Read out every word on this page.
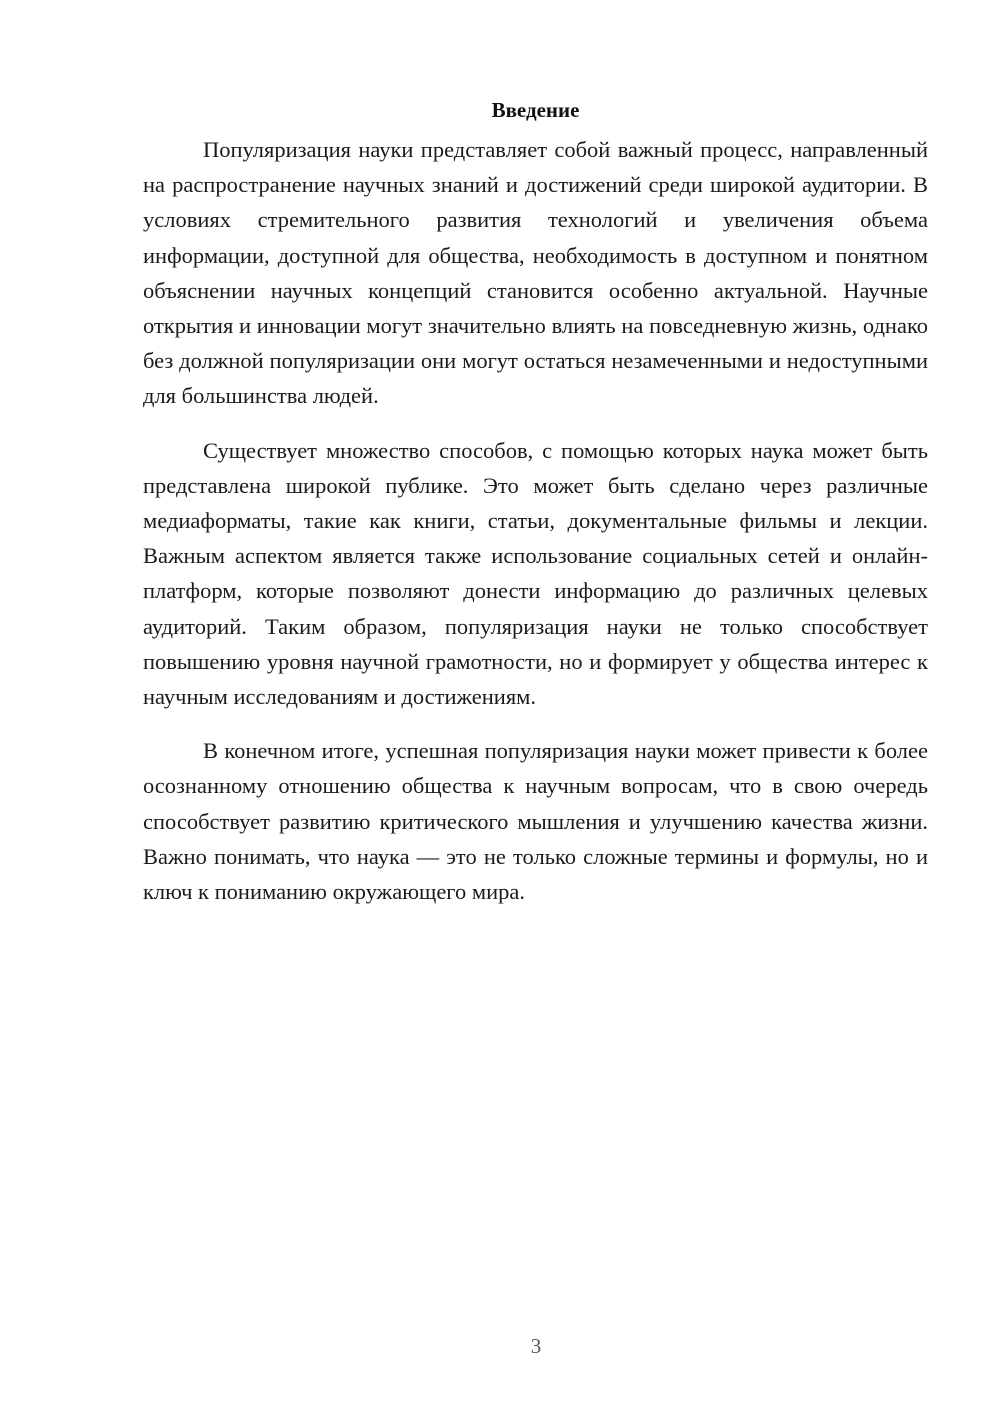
Введение

Популяризация науки представляет собой важный процесс, направленный на распространение научных знаний и достижений среди широкой аудитории. В условиях стремительного развития технологий и увеличения объема информации, доступной для общества, необходимость в доступном и понятном объяснении научных концепций становится особенно актуальной. Научные открытия и инновации могут значительно влиять на повседневную жизнь, однако без должной популяризации они могут остаться незамеченными и недоступными для большинства людей.

Существует множество способов, с помощью которых наука может быть представлена широкой публике. Это может быть сделано через различные медиаформаты, такие как книги, статьи, документальные фильмы и лекции. Важным аспектом является также использование социальных сетей и онлайн-платформ, которые позволяют донести информацию до различных целевых аудиторий. Таким образом, популяризация науки не только способствует повышению уровня научной грамотности, но и формирует у общества интерес к научным исследованиям и достижениям.

В конечном итоге, успешная популяризация науки может привести к более осознанному отношению общества к научным вопросам, что в свою очередь способствует развитию критического мышления и улучшению качества жизни. Важно понимать, что наука — это не только сложные термины и формулы, но и ключ к пониманию окружающего мира.

3
